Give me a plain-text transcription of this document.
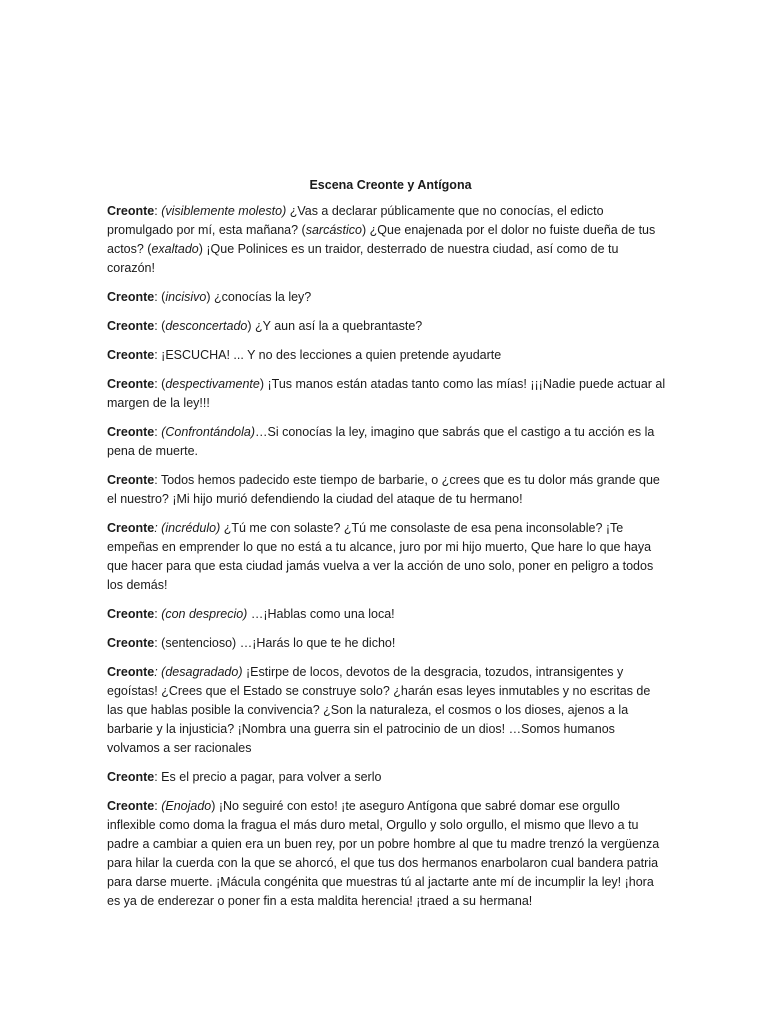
Escena Creonte y Antígona

Creonte: (visiblemente molesto) ¿Vas a declarar públicamente que no conocías, el edicto promulgado por mí, esta mañana? (sarcástico) ¿Que enajenada por el dolor no fuiste dueña de tus actos? (exaltado) ¡Que Polinices es un traidor, desterrado de nuestra ciudad, así como de tu corazón!

Creonte: (incisivo) ¿conocías la ley?

Creonte: (desconcertado) ¿Y aun así la a quebrantaste?

Creonte: ¡ESCUCHA! ... Y no des lecciones a quien pretende ayudarte

Creonte: (despectivamente) ¡Tus manos están atadas tanto como las mías! ¡¡¡Nadie puede actuar al margen de la ley!!!

Creonte: (Confrontándola)…Si conocías la ley, imagino que sabrás que el castigo a tu acción es la pena de muerte.

Creonte: Todos hemos padecido este tiempo de barbarie, o ¿crees que es tu dolor más grande que el nuestro? ¡Mi hijo murió defendiendo la ciudad del ataque de tu hermano!

Creonte: (incrédulo) ¿Tú me con solaste? ¿Tú me consolaste de esa pena inconsolable? ¡Te empeñas en emprender lo que no está a tu alcance, juro por mi hijo muerto, Que hare lo que haya que hacer para que esta ciudad jamás vuelva a ver la acción de uno solo, poner en peligro a todos los demás!

Creonte: (con desprecio) …¡Hablas como una loca!

Creonte: (sentencioso) …¡Harás lo que te he dicho!

Creonte: (desagradado) ¡Estirpe de locos, devotos de la desgracia, tozudos, intransigentes y egoístas! ¿Crees que el Estado se construye solo? ¿harán esas leyes inmutables y no escritas de las que hablas posible la convivencia? ¿Son la naturaleza, el cosmos o los dioses, ajenos a la barbarie y la injusticia? ¡Nombra una guerra sin el patrocinio de un dios! …Somos humanos volvamos a ser racionales

Creonte: Es el precio a pagar, para volver a serlo

Creonte: (Enojado) ¡No seguiré con esto! ¡te aseguro Antígona que sabré domar ese orgullo inflexible como doma la fragua el más duro metal, Orgullo y solo orgullo, el mismo que llevo a tu padre a cambiar a quien era un buen rey, por un pobre hombre al que tu madre trenzó la vergüenza para hilar la cuerda con la que se ahorcó, el que tus dos hermanos enarbolaron cual bandera patria para darse muerte. ¡Mácula congénita que muestras tú al jactarte ante mí de incumplir la ley! ¡hora es ya de enderezar o poner fin a esta maldita herencia! ¡traed a su hermana!
